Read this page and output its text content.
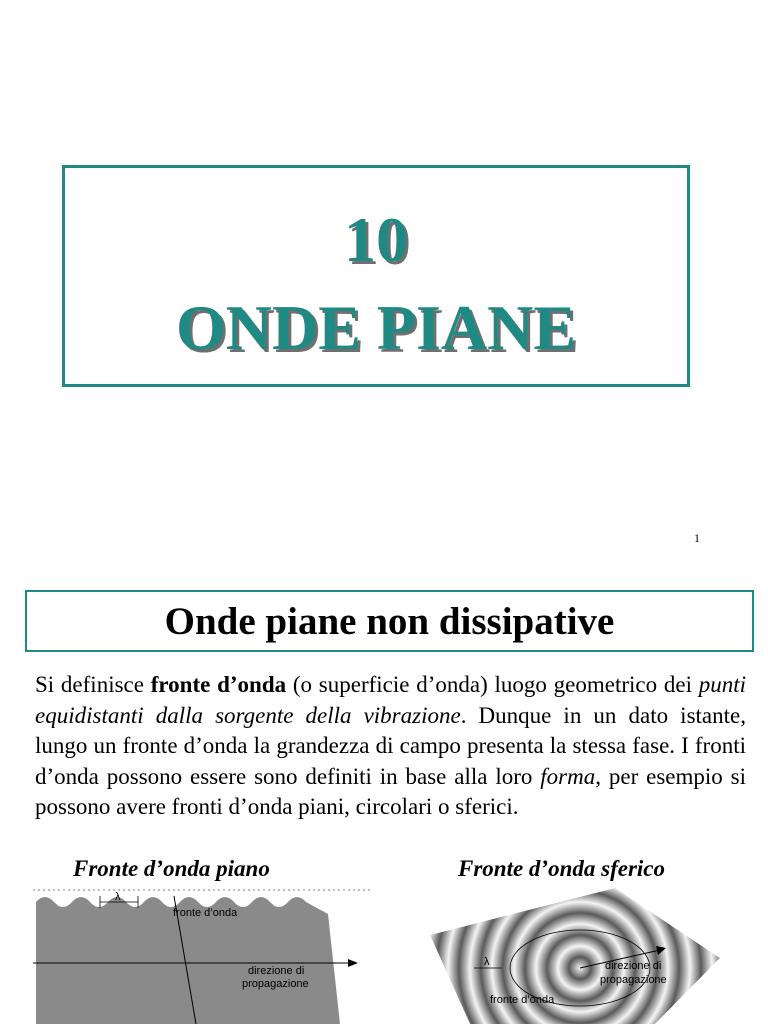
10
ONDE PIANE
1
Onde piane non dissipative

Si definisce fronte d’onda (o superficie d’onda) luogo geometrico dei punti equidistanti dalla sorgente della vibrazione. Dunque in un dato istante, lungo un fronte d’onda la grandezza di campo presenta la stessa fase. I fronti d’onda possono essere sono definiti in base alla loro forma, per esempio si possono avere fronti d’onda piani, circolari o sferici.

Fronte d’onda piano	Fronte d’onda sferico
λ
fronte d’onda
direzione di
propagazione
λ	direzione di
propagazione
fronte d’onda
